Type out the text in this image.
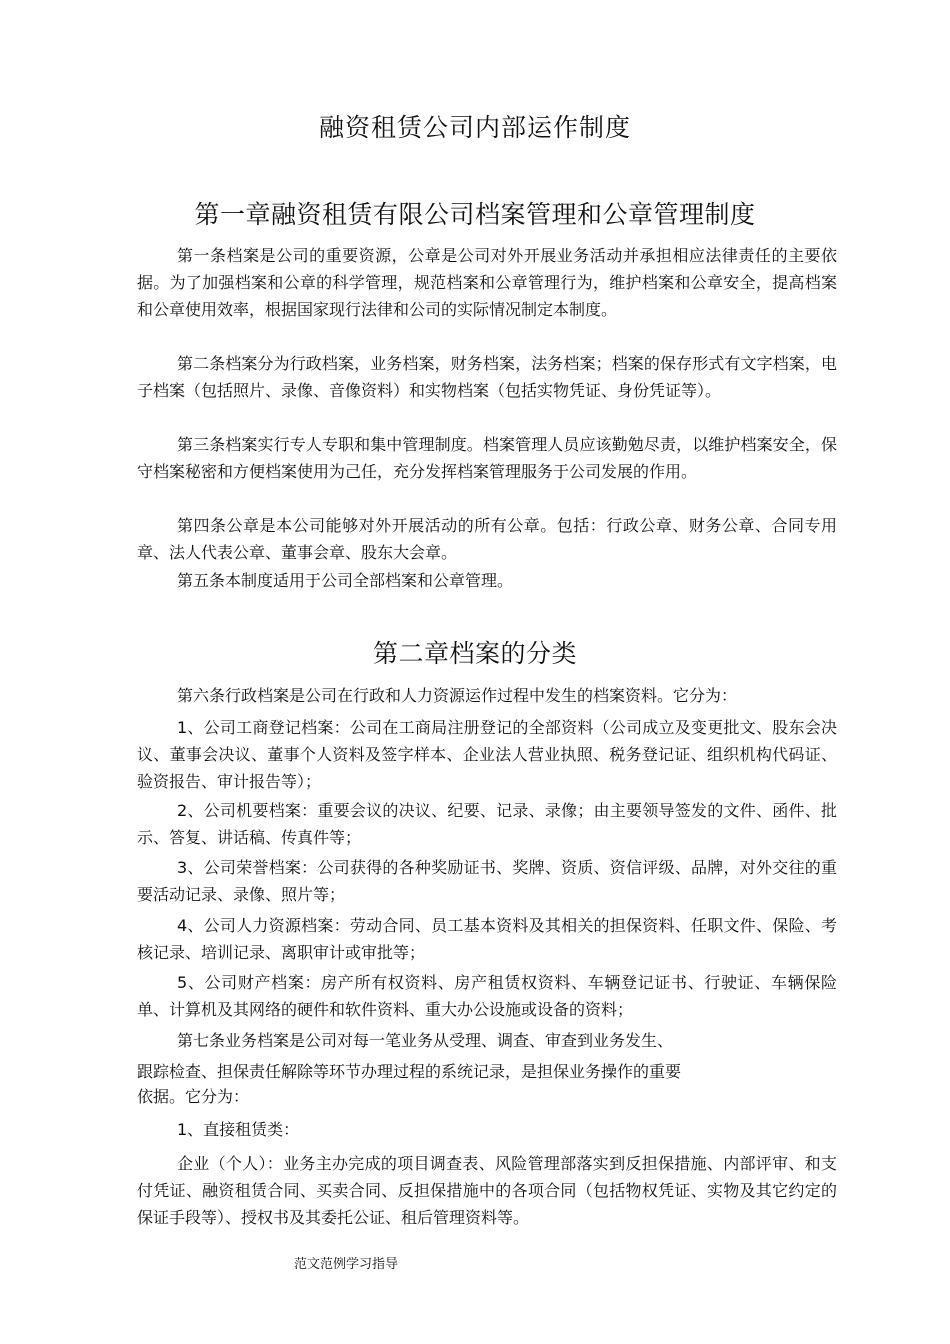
融资租赁公司内部运作制度
第一章融资租赁有限公司档案管理和公章管理制度

第一条档案是公司的重要资源，公章是公司对外开展业务活动并承担相应法律责任的主要依据。为了加强档案和公章的科学管理，规范档案和公章管理行为，维护档案和公章安全，提高档案和公章使用效率，根据国家现行法律和公司的实际情况制定本制度。

第二条档案分为行政档案，业务档案，财务档案，法务档案；档案的保存形式有文字档案，电子档案（包括照片、录像、音像资料）和实物档案（包括实物凭证、身份凭证等）。

第三条档案实行专人专职和集中管理制度。档案管理人员应该勤勉尽责，以维护档案安全，保守档案秘密和方便档案使用为己任，充分发挥档案管理服务于公司发展的作用。

第四条公章是本公司能够对外开展活动的所有公章。包括：行政公章、财务公章、合同专用章、法人代表公章、董事会章、股东大会章。

第五条本制度适用于公司全部档案和公章管理。

第二章档案的分类

第六条行政档案是公司在行政和人力资源运作过程中发生的档案资料。它分为：

1、公司工商登记档案：公司在工商局注册登记的全部资料（公司成立及变更批文、股东会决议、董事会决议、董事个人资料及签字样本、企业法人营业执照、税务登记证、组织机构代码证、验资报告、审计报告等）；

2、公司机要档案：重要会议的决议、纪要、记录、录像；由主要领导签发的文件、函件、批示、答复、讲话稿、传真件等；

3、公司荣誉档案：公司获得的各种奖励证书、奖牌、资质、资信评级、品牌，对外交往的重要活动记录、录像、照片等；

4、公司人力资源档案：劳动合同、员工基本资料及其相关的担保资料、任职文件、保险、考核记录、培训记录、离职审计或审批等；

5、公司财产档案：房产所有权资料、房产租赁权资料、车辆登记证书、行驶证、车辆保险单、计算机及其网络的硬件和软件资料、重大办公设施或设备的资料；

第七条业务档案是公司对每一笔业务从受理、调查、审查到业务发生、

跟踪检查、担保责任解除等环节办理过程的系统记录，是担保业务操作的重要

依据。它分为：

1、直接租赁类：

企业（个人）：业务主办完成的项目调查表、风险管理部落实到反担保措施、内部评审、和支付凭证、融资租赁合同、买卖合同、反担保措施中的各项合同（包括物权凭证、实物及其它约定的保证手段等）、授权书及其委托公证、租后管理资料等。

范文范例学习指导
